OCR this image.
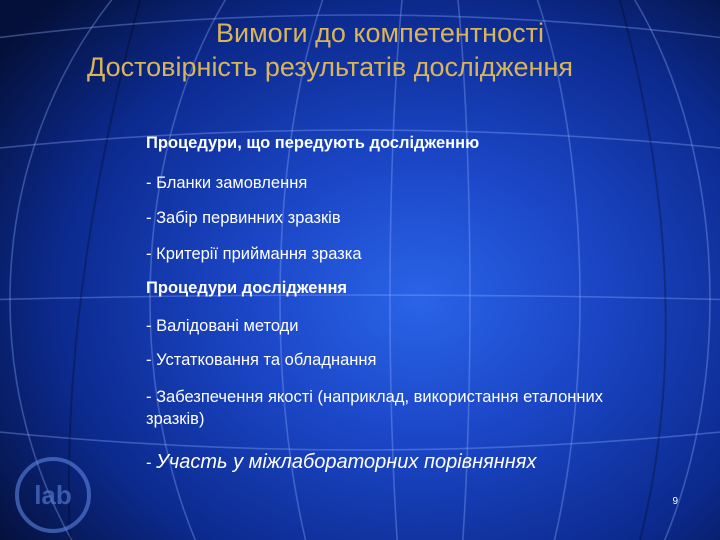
Вимоги до компетентності
Достовірність результатів дослідження
Процедури, що передують дослідженню
- Бланки замовлення
- Забір первинних зразків
- Критерії приймання зразка
Процедури дослідження
- Валідовані методи
- Устатковання та обладнання
- Забезпечення якості (наприклад, використання еталонних зразків)
- Участь у міжлабораторних порівняннях
lab	9
